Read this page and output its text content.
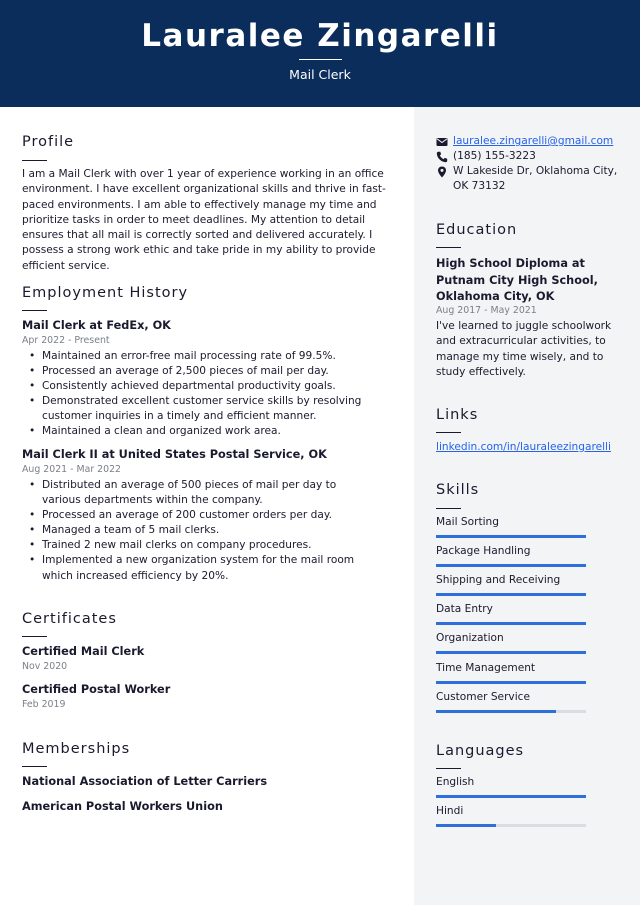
Lauralee Zingarelli
Mail Clerk
Profile
I am a Mail Clerk with over 1 year of experience working in an office environment. I have excellent organizational skills and thrive in fast-paced environments. I am able to effectively manage my time and prioritize tasks in order to meet deadlines. My attention to detail ensures that all mail is correctly sorted and delivered accurately. I possess a strong work ethic and take pride in my ability to provide efficient service.
Employment History
Mail Clerk at FedEx, OK
Apr 2022 - Present
• Maintained an error-free mail processing rate of 99.5%.
• Processed an average of 2,500 pieces of mail per day.
• Consistently achieved departmental productivity goals.
• Demonstrated excellent customer service skills by resolving customer inquiries in a timely and efficient manner.
• Maintained a clean and organized work area.
Mail Clerk II at United States Postal Service, OK
Aug 2021 - Mar 2022
• Distributed an average of 500 pieces of mail per day to various departments within the company.
• Processed an average of 200 customer orders per day.
• Managed a team of 5 mail clerks.
• Trained 2 new mail clerks on company procedures.
• Implemented a new organization system for the mail room which increased efficiency by 20%.
Certificates
Certified Mail Clerk
Nov 2020
Certified Postal Worker
Feb 2019
Memberships
National Association of Letter Carriers
American Postal Workers Union
lauralee.zingarelli@gmail.com
(185) 155-3223
W Lakeside Dr, Oklahoma City, OK 73132
Education
High School Diploma at Putnam City High School, Oklahoma City, OK
Aug 2017 - May 2021
I've learned to juggle schoolwork and extracurricular activities, to manage my time wisely, and to study effectively.
Links
linkedin.com/in/lauraleezingarelli
Skills
Mail Sorting
Package Handling
Shipping and Receiving
Data Entry
Organization
Time Management
Customer Service
Languages
English
Hindi
